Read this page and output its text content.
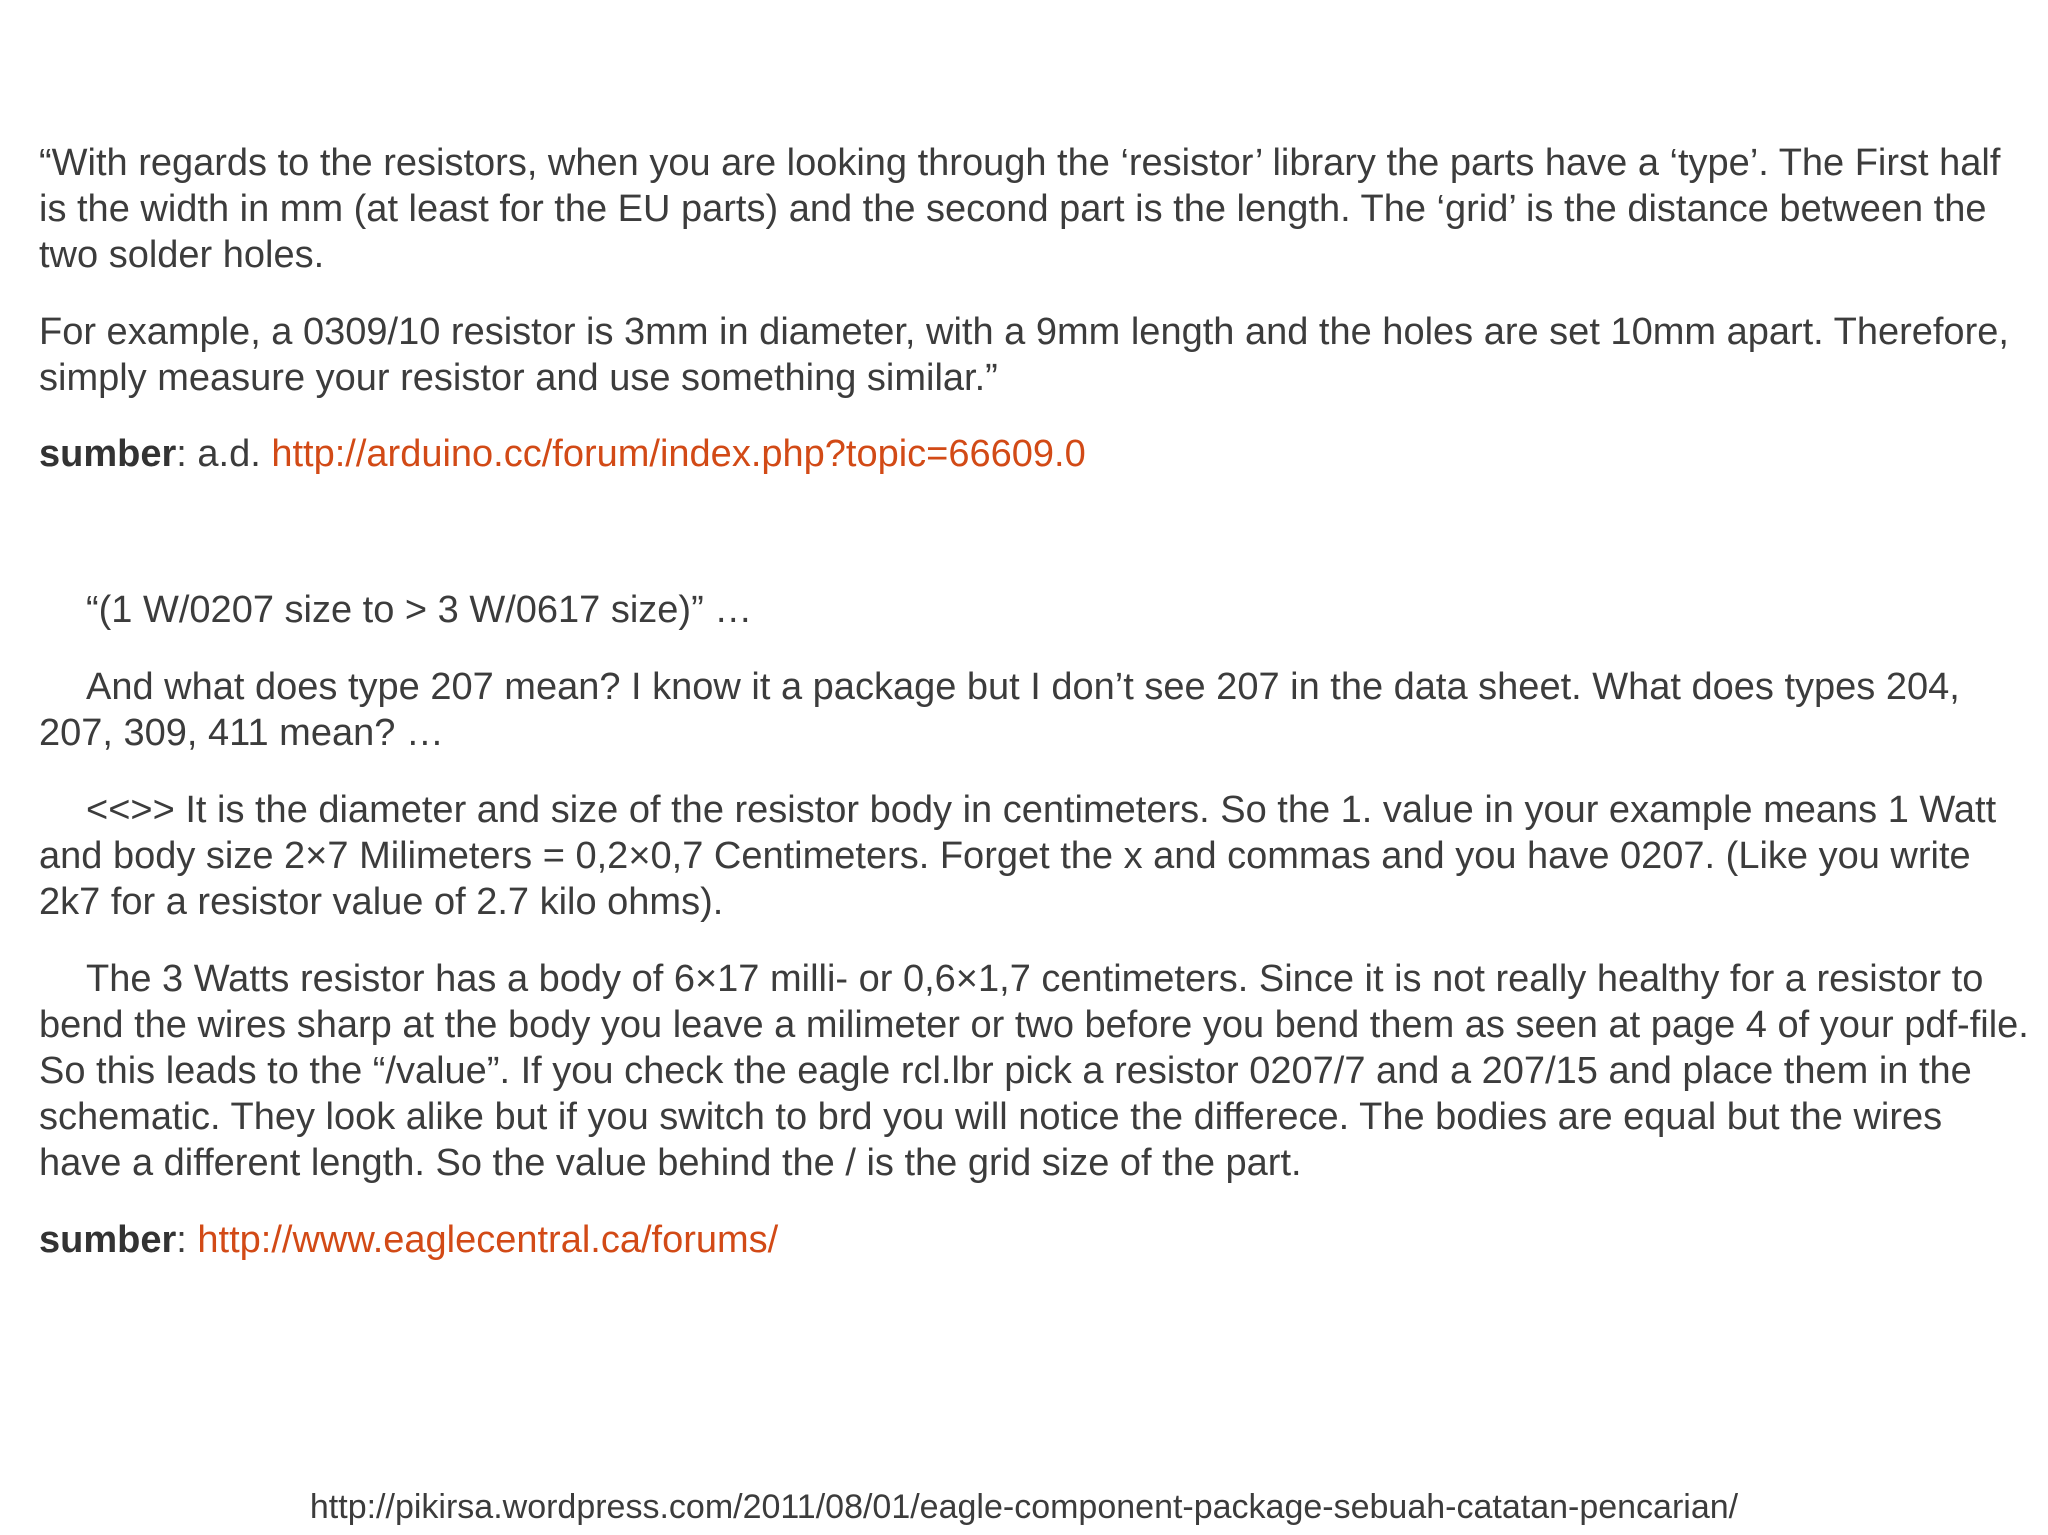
“With regards to the resistors, when you are looking through the ‘resistor’ library the parts have a ‘type’. The First half is the width in mm (at least for the EU parts) and the second part is the length. The ‘grid’ is the distance between the two solder holes.

For example, a 0309/10 resistor is 3mm in diameter, with a 9mm length and the holes are set 10mm apart. Therefore, simply measure your resistor and use something similar.”

sumber: a.d. http://arduino.cc/forum/index.php?topic=66609.0

“(1 W/0207 size to > 3 W/0617 size)” …

And what does type 207 mean? I know it a package but I don’t see 207 in the data sheet. What does types 204, 207, 309, 411 mean? …

<<>> It is the diameter and size of the resistor body in centimeters. So the 1. value in your example means 1 Watt and body size 2×7 Milimeters = 0,2×0,7 Centimeters. Forget the x and commas and you have 0207. (Like you write 2k7 for a resistor value of 2.7 kilo ohms).

The 3 Watts resistor has a body of 6×17 milli- or 0,6×1,7 centimeters. Since it is not really healthy for a resistor to bend the wires sharp at the body you leave a milimeter or two before you bend them as seen at page 4 of your pdf-file. So this leads to the “/value”. If you check the eagle rcl.lbr pick a resistor 0207/7 and a 207/15 and place them in the schematic. They look alike but if you switch to brd you will notice the differece. The bodies are equal but the wires have a different length. So the value behind the / is the grid size of the part.

sumber: http://www.eaglecentral.ca/forums/

http://pikirsa.wordpress.com/2011/08/01/eagle-component-package-sebuah-catatan-pencarian/
